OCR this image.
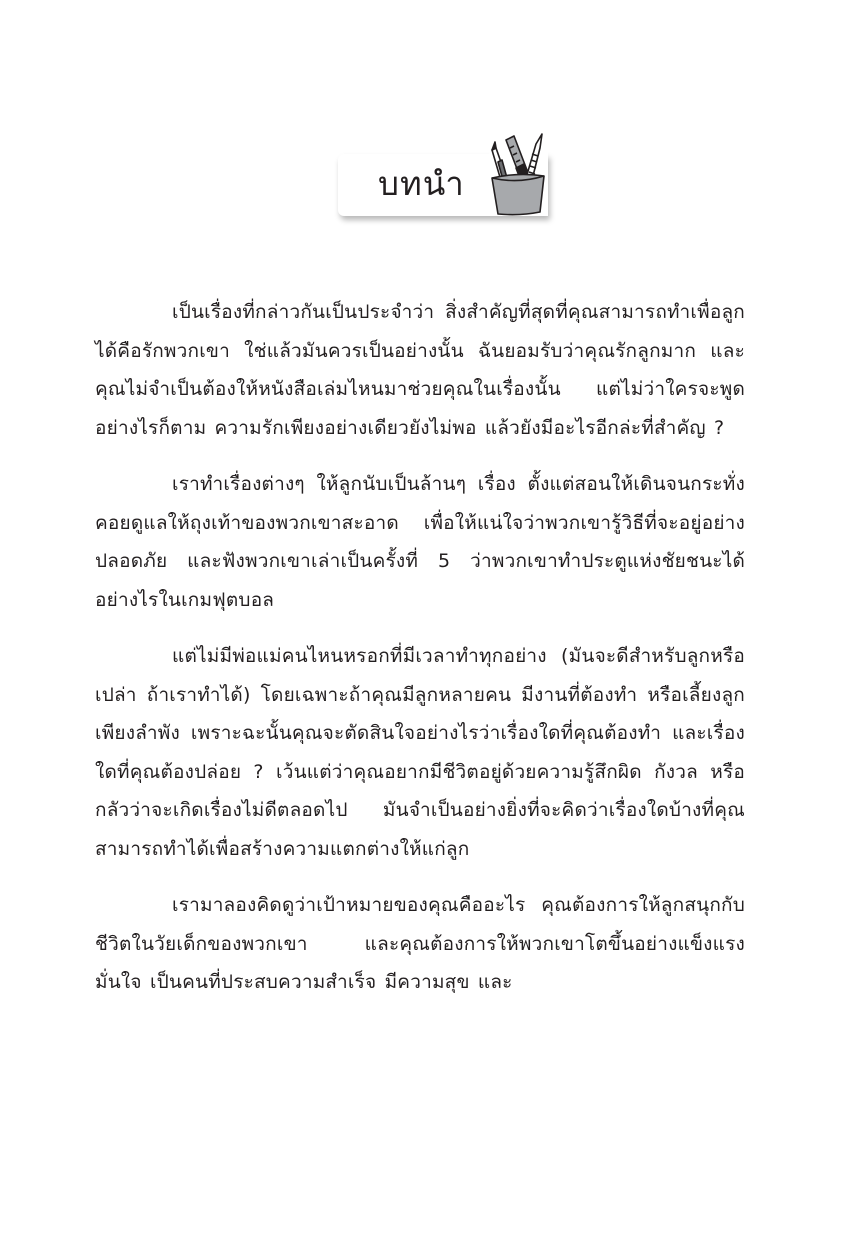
บทนำ

เป็นเรื่องที่กล่าวกันเป็นประจำว่า สิ่งสำคัญที่สุดที่คุณสามารถทำเพื่อลูกได้คือรักพวกเขา ใช่แล้วมันควรเป็นอย่างนั้น ฉันยอมรับว่าคุณรักลูกมาก และคุณไม่จำเป็นต้องให้หนังสือเล่มไหนมาช่วยคุณในเรื่องนั้น แต่ไม่ว่าใครจะพูดอย่างไรก็ตาม ความรักเพียงอย่างเดียวยังไม่พอ แล้วยังมีอะไรอีกล่ะที่สำคัญ ?

เราทำเรื่องต่างๆ ให้ลูกนับเป็นล้านๆ เรื่อง ตั้งแต่สอนให้เดินจนกระทั่งคอยดูแลให้ถุงเท้าของพวกเขาสะอาด เพื่อให้แน่ใจว่าพวกเขารู้วิธีที่จะอยู่อย่างปลอดภัย และฟังพวกเขาเล่าเป็นครั้งที่ 5 ว่าพวกเขาทำประตูแห่งชัยชนะได้อย่างไรในเกมฟุตบอล

แต่ไม่มีพ่อแม่คนไหนหรอกที่มีเวลาทำทุกอย่าง (มันจะดีสำหรับลูกหรือเปล่า ถ้าเราทำได้) โดยเฉพาะถ้าคุณมีลูกหลายคน มีงานที่ต้องทำ หรือเลี้ยงลูกเพียงลำพัง เพราะฉะนั้นคุณจะตัดสินใจอย่างไรว่าเรื่องใดที่คุณต้องทำ และเรื่องใดที่คุณต้องปล่อย ? เว้นแต่ว่าคุณอยากมีชีวิตอยู่ด้วยความรู้สึกผิด กังวล หรือกลัวว่าจะเกิดเรื่องไม่ดีตลอดไป มันจำเป็นอย่างยิ่งที่จะคิดว่าเรื่องใดบ้างที่คุณสามารถทำได้เพื่อสร้างความแตกต่างให้แก่ลูก

เรามาลองคิดดูว่าเป้าหมายของคุณคืออะไร คุณต้องการให้ลูกสนุกกับชีวิตในวัยเด็กของพวกเขา และคุณต้องการให้พวกเขาโตขึ้นอย่างแข็งแรง มั่นใจ เป็นคนที่ประสบความสำเร็จ มีความสุข และ
